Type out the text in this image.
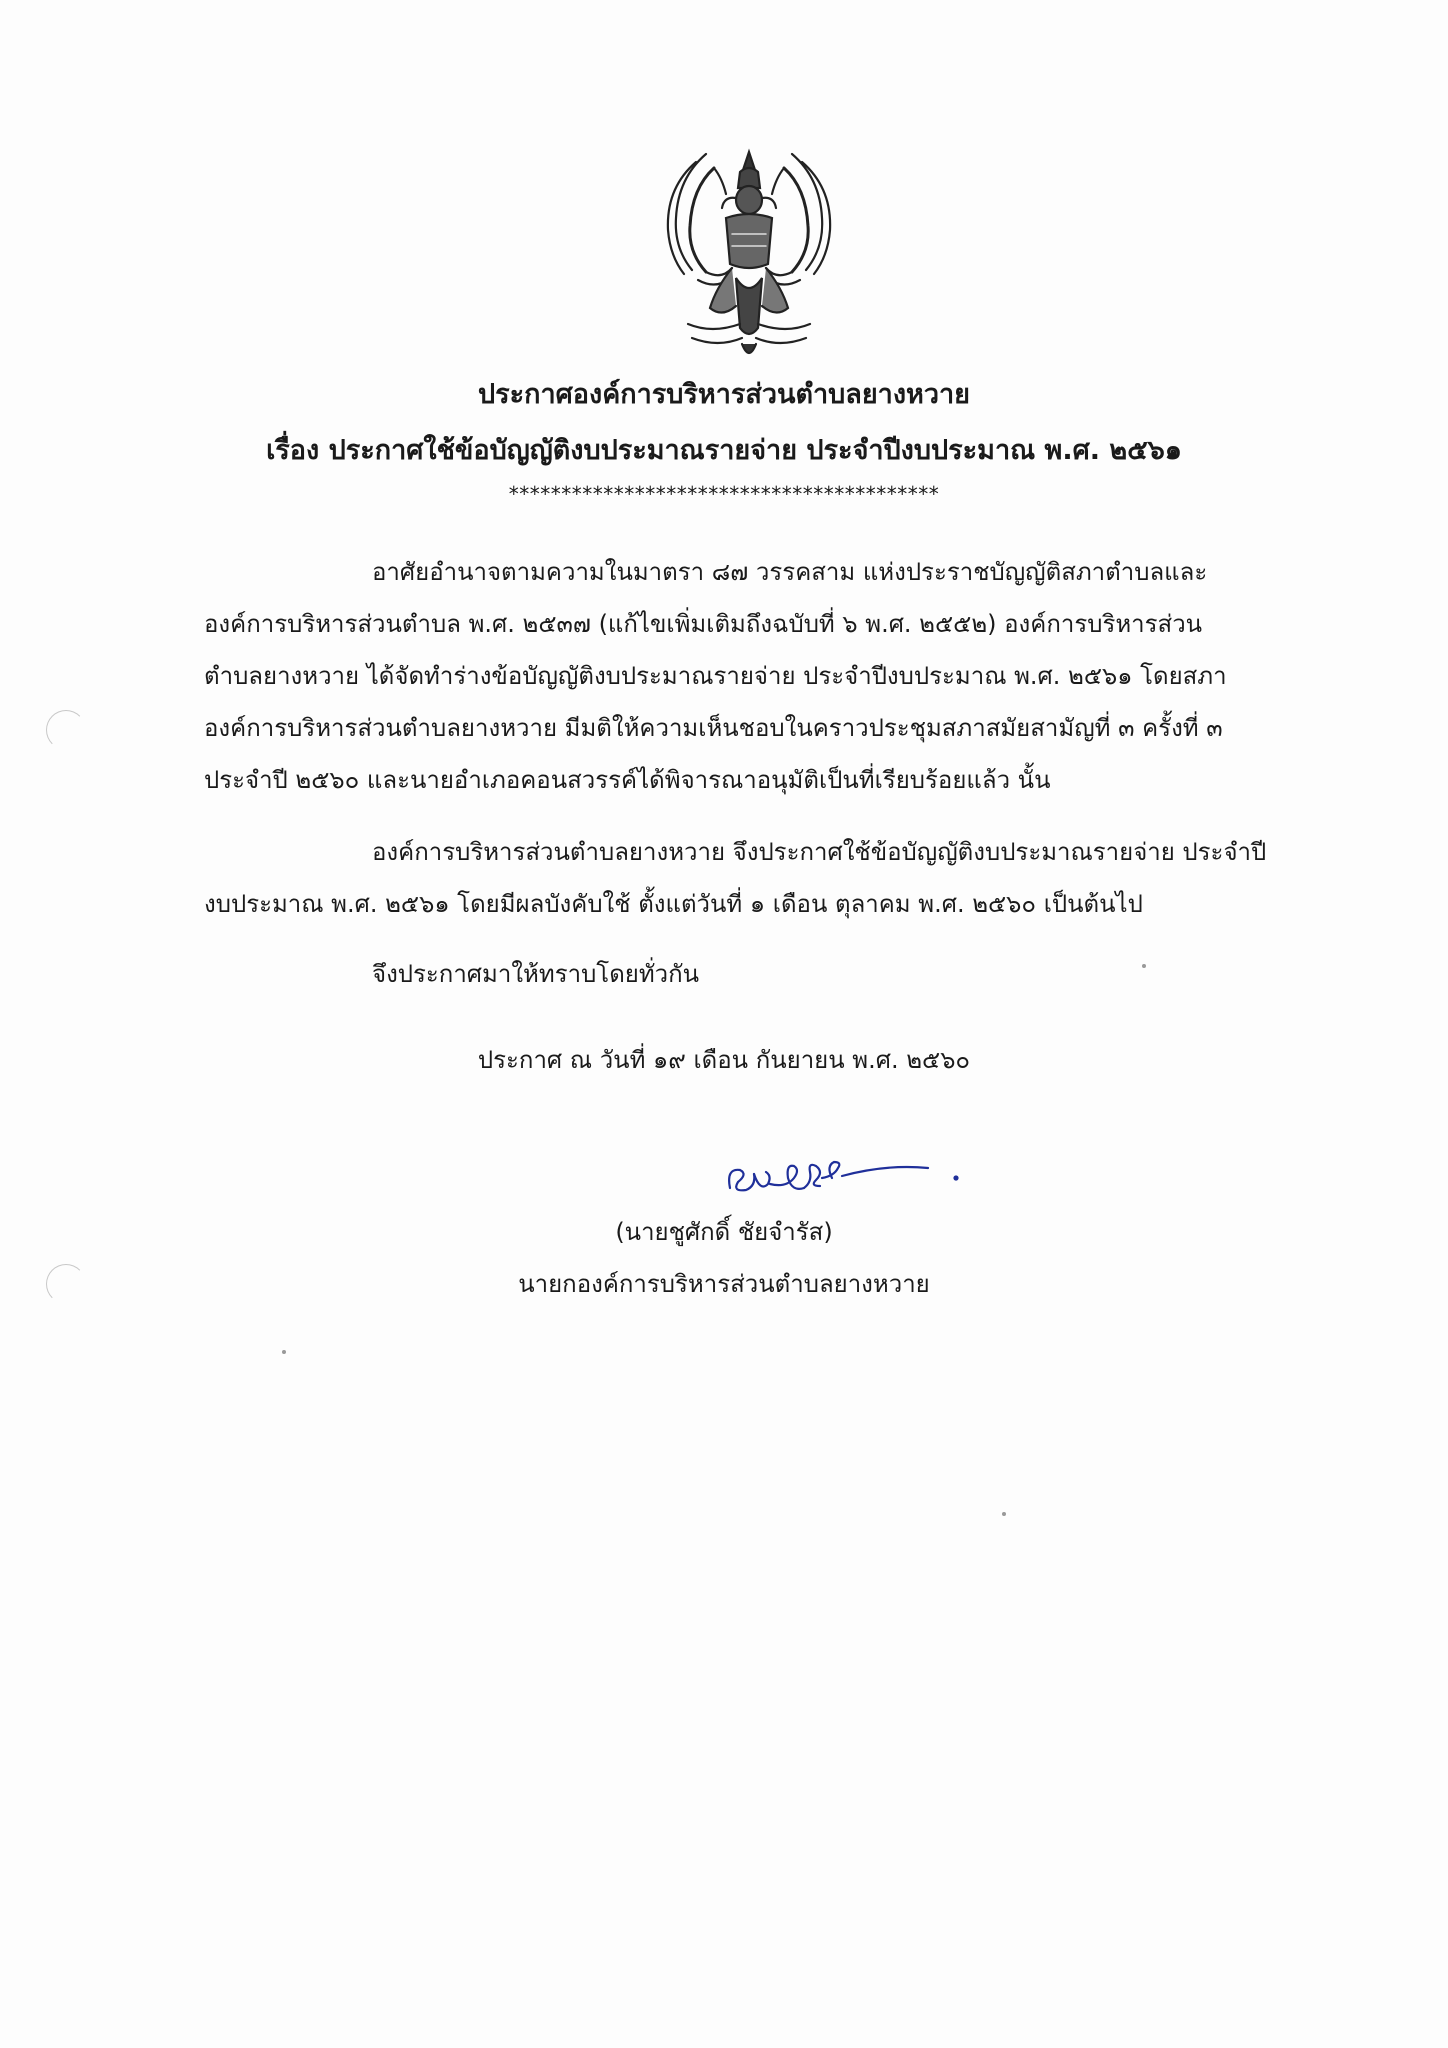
ประกาศองค์การบริหารส่วนตำบลยางหวาย
เรื่อง ประกาศใช้ข้อบัญญัติงบประมาณรายจ่าย ประจำปีงบประมาณ พ.ศ. ๒๕๖๑
*****************************************
อาศัยอำนาจตามความในมาตรา ๘๗ วรรคสาม แห่งประราชบัญญัติสภาตำบลและ
องค์การบริหารส่วนตำบล พ.ศ. ๒๕๓๗ (แก้ไขเพิ่มเติมถึงฉบับที่ ๖ พ.ศ. ๒๕๕๒) องค์การบริหารส่วน
ตำบลยางหวาย ได้จัดทำร่างข้อบัญญัติงบประมาณรายจ่าย ประจำปีงบประมาณ พ.ศ. ๒๕๖๑ โดยสภา
องค์การบริหารส่วนตำบลยางหวาย มีมติให้ความเห็นชอบในคราวประชุมสภาสมัยสามัญที่ ๓ ครั้งที่ ๓
ประจำปี ๒๕๖๐ และนายอำเภอคอนสวรรค์ได้พิจารณาอนุมัติเป็นที่เรียบร้อยแล้ว นั้น
องค์การบริหารส่วนตำบลยางหวาย จึงประกาศใช้ข้อบัญญัติงบประมาณรายจ่าย ประจำปี
งบประมาณ พ.ศ. ๒๕๖๑ โดยมีผลบังคับใช้ ตั้งแต่วันที่ ๑ เดือน ตุลาคม พ.ศ. ๒๕๖๐ เป็นต้นไป
จึงประกาศมาให้ทราบโดยทั่วกัน
ประกาศ ณ วันที่ ๑๙ เดือน กันยายน พ.ศ. ๒๕๖๐
(นายชูศักดิ์ ชัยจำรัส)
นายกองค์การบริหารส่วนตำบลยางหวาย
